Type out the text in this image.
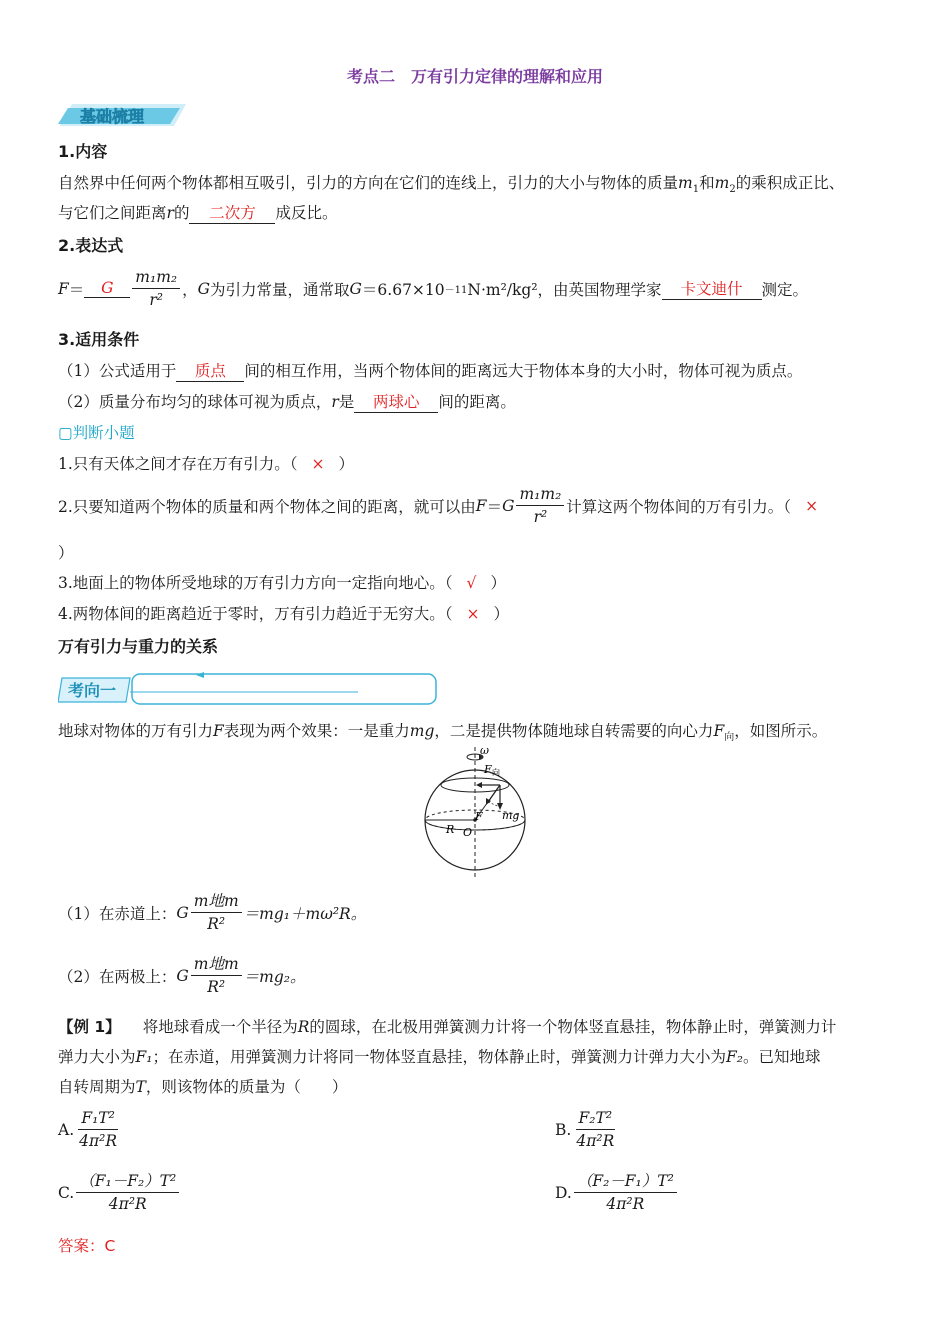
考点二　万有引力定律的理解和应用
基础梳理
1.内容
自然界中任何两个物体都相互吸引，引力的方向在它们的连线上，引力的大小与物体的质量$m_1$和$m_2$的乘积成正比、
与它们之间距离r的 二次方 成反比。
2.表达式
F ＝	G	$\frac{\text{m₁m₂}}{\text{r²}}$ ， G 为引力常量，通常取 G ＝6.67×10 －11 N·m²/kg²，由英国物理学家	卡文迪什	测定。
3.适用条件
（1）公式适用于 质点 间的相互作用，当两个物体间的距离远大于物体本身的大小时，物体可视为质点。
（2）质量分布均匀的球体可视为质点，r是 两球心 间的距离。
▢判断小题
1.只有天体之间才存在万有引力。（ × ）
2.只要知道两个物体的质量和两个物体之间的距离，就可以由 F ＝ G $\frac{\text{m₁m₂}}{\text{r²}}$ 计算这两个物体间的万有引力。（ ×
）
3.地面上的物体所受地球的万有引力方向一定指向地心。（ √ ）
4.两物体间的距离趋近于零时，万有引力趋近于无穷大。（ × ）
万有引力与重力的关系
考向一
地球对物体的万有引力F表现为两个效果：一是重力mg，二是提供物体随地球自转需要的向心力$F_向$，如图所示。
ω
F 向
mg
F
R O
（1）在赤道上： G $\frac{\text{m地m}}{\text{R²}} =mg_1+m\omega^2R$。
（2）在两极上： G $\frac{\text{m地m}}{\text{R²}} =mg_2$。
【例 1】 将地球看成一个半径为R的圆球，在北极用弹簧测力计将一个物体竖直悬挂，物体静止时，弹簧测力计
弹力大小为F₁；在赤道，用弹簧测力计将同一物体竖直悬挂，物体静止时，弹簧测力计弹力大小为F₂。已知地球
自转周期为T，则该物体的质量为（　　）
A. $\frac{\text{F₁T²}}{\text{4π²R}}$	B. $\frac{\text{F₂T²}}{\text{4π²R}}$
C. $\frac{\text{（F₁－F₂）T²}}{\text{4π²R}}$	D. $\frac{\text{（F₂－F₁）T²}}{\text{4π²R}}$
答案：C
